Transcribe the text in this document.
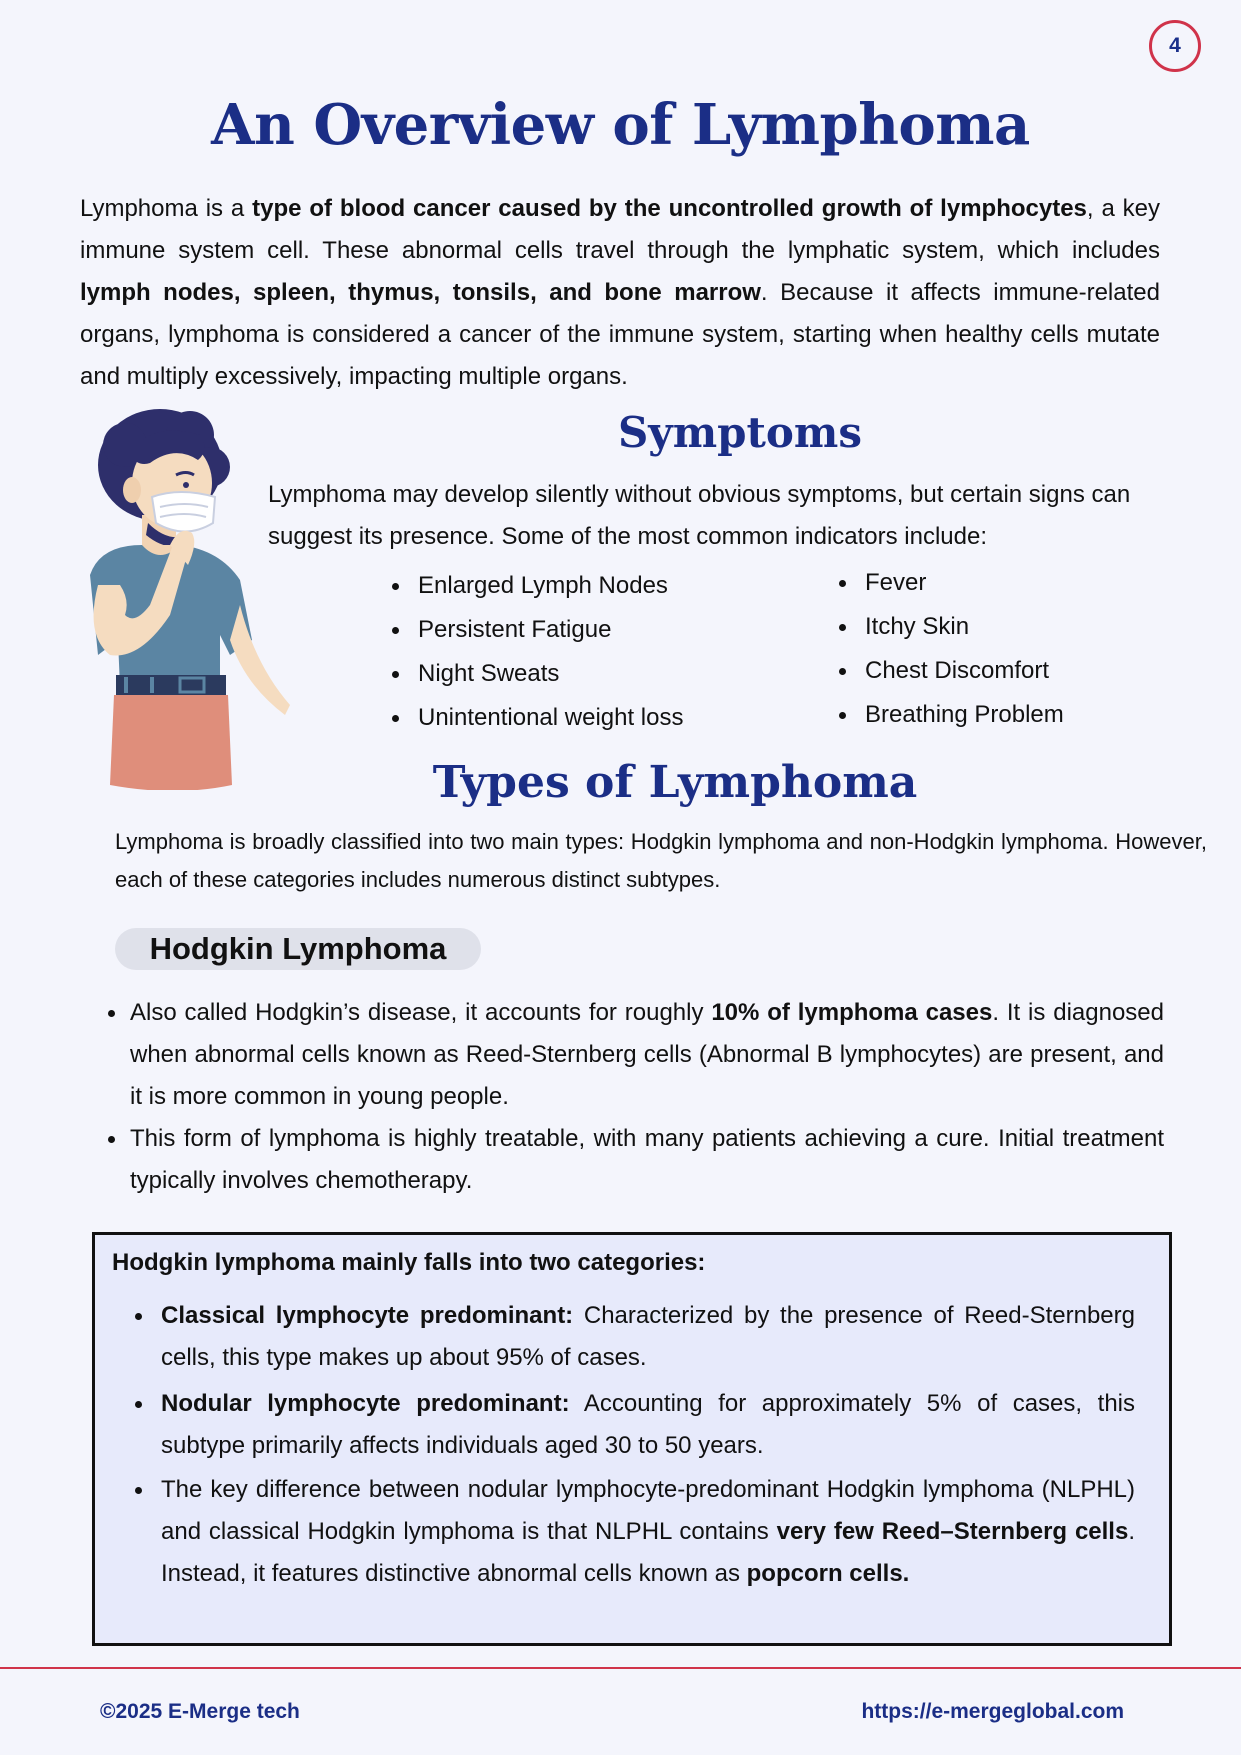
4
An Overview of Lymphoma

Lymphoma is a type of blood cancer caused by the uncontrolled growth of lymphocytes, a key immune system cell. These abnormal cells travel through the lymphatic system, which includes lymph nodes, spleen, thymus, tonsils, and bone marrow. Because it affects immune-related organs, lymphoma is considered a cancer of the immune system, starting when healthy cells mutate and multiply excessively, impacting multiple organs.

Symptoms
Lymphoma may develop silently without obvious symptoms, but certain signs can suggest its presence. Some of the most common indicators include:
Enlarged Lymph Nodes
Persistent Fatigue
Night Sweats
Unintentional weight loss
Fever
Itchy Skin
Chest Discomfort
Breathing Problem
Types of Lymphoma
Lymphoma is broadly classified into two main types: Hodgkin lymphoma and non-Hodgkin lymphoma. However, each of these categories includes numerous distinct subtypes.
Hodgkin Lymphoma
Also called Hodgkin’s disease, it accounts for roughly 10% of lymphoma cases. It is diagnosed when abnormal cells known as Reed-Sternberg cells (Abnormal B lymphocytes) are present, and it is more common in young people.
This form of lymphoma is highly treatable, with many patients achieving a cure. Initial treatment typically involves chemotherapy.
Hodgkin lymphoma mainly falls into two categories:
Classical lymphocyte predominant: Characterized by the presence of Reed-Sternberg cells, this type makes up about 95% of cases.
Nodular lymphocyte predominant: Accounting for approximately 5% of cases, this subtype primarily affects individuals aged 30 to 50 years.
The key difference between nodular lymphocyte-predominant Hodgkin lymphoma (NLPHL) and classical Hodgkin lymphoma is that NLPHL contains very few Reed–Sternberg cells. Instead, it features distinctive abnormal cells known as popcorn cells.
©2025 E-Merge tech	https://e-mergeglobal.com
